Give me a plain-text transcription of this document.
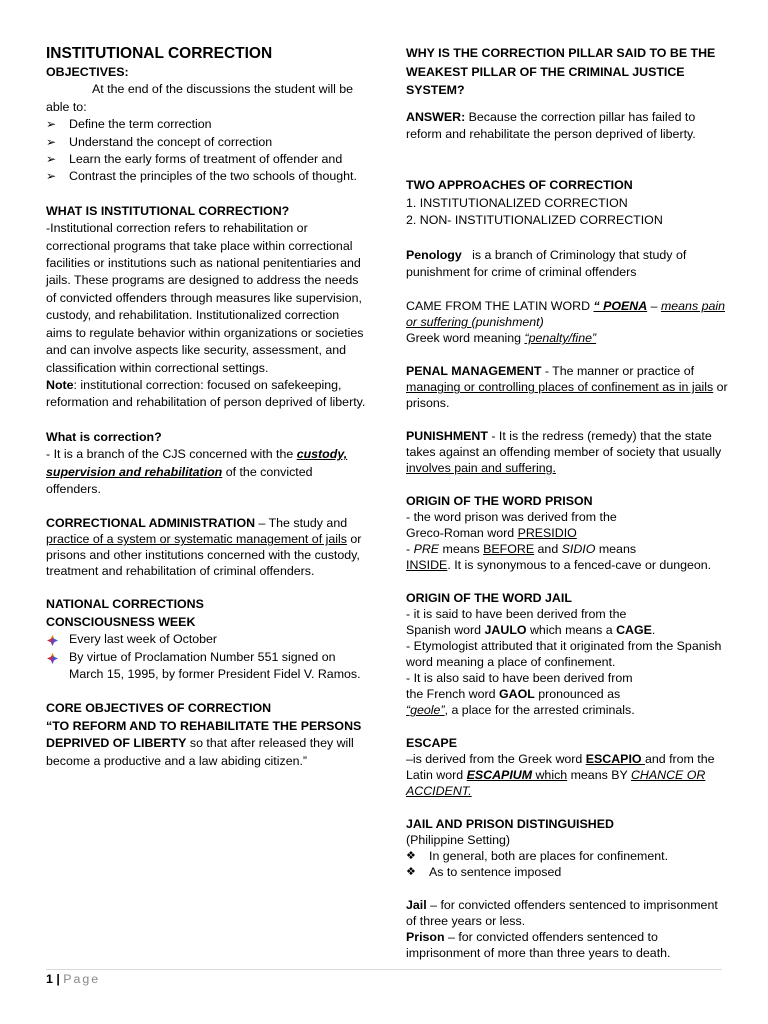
INSTITUTIONAL CORRECTION

OBJECTIVES:

At the end of the discussions the student will be able to:

➢ Define the term correction
➢ Understand the concept of correction
➢ Learn the early forms of treatment of offender and
➢ Contrast the principles of the two schools of thought.

WHAT IS INSTITUTIONAL CORRECTION?

-Institutional correction refers to rehabilitation or correctional programs that take place within correctional facilities or institutions such as national penitentiaries and jails. These programs are designed to address the needs of convicted offenders through measures like supervision, custody, and rehabilitation. Institutionalized correction aims to regulate behavior within organizations or societies and can involve aspects like security, assessment, and classification within correctional settings.

Note: institutional correction: focused on safekeeping, reformation and rehabilitation of person deprived of liberty.

What is correction?

- It is a branch of the CJS concerned with the custody, supervision and rehabilitation of the convicted offenders.

CORRECTIONAL ADMINISTRATION – The study and practice of a system or systematic management of jails or prisons and other institutions concerned with the custody, treatment and rehabilitation of criminal offenders.

NATIONAL CORRECTIONS

CONSCIOUSNESS WEEK

Every last week of October
By virtue of Proclamation Number 551 signed on March 15, 1995, by former President Fidel V. Ramos.

CORE OBJECTIVES OF CORRECTION

“TO REFORM AND TO REHABILITATE THE PERSONS DEPRIVED OF LIBERTY so that after released they will become a productive and a law abiding citizen.”

WHY IS THE CORRECTION PILLAR SAID TO BE THE WEAKEST PILLAR OF THE CRIMINAL JUSTICE SYSTEM?

ANSWER: Because the correction pillar has failed to reform and rehabilitate the person deprived of liberty.

TWO APPROACHES OF CORRECTION

1. INSTITUTIONALIZED CORRECTION

2. NON- INSTITUTIONALIZED CORRECTION

Penology   is a branch of Criminology that study of punishment for crime of criminal offenders

CAME FROM THE LATIN WORD “ POENA – means pain or suffering (punishment)

Greek word meaning “penalty/fine”

PENAL MANAGEMENT - The manner or practice of managing or controlling places of confinement as in jails or prisons.

PUNISHMENT - It is the redress (remedy) that the state takes against an offending member of society that usually involves pain and suffering.

ORIGIN OF THE WORD PRISON

- the word prison was derived from the

Greco-Roman word PRESIDIO

- PRE means BEFORE and SIDIO means

INSIDE. It is synonymous to a fenced-cave or dungeon.

ORIGIN OF THE WORD JAIL

- it is said to have been derived from the

Spanish word JAULO which means a CAGE.

- Etymologist attributed that it originated from the Spanish word meaning a place of confinement.

- It is also said to have been derived from

the French word GAOL pronounced as

“geole”, a place for the arrested criminals.

ESCAPE

–is derived from the Greek word ESCAPIO and from the Latin word ESCAPIUM which means BY CHANCE OR ACCIDENT.

JAIL AND PRISON DISTINGUISHED

(Philippine Setting)

❖ In general, both are places for confinement.
❖ As to sentence imposed

Jail – for convicted offenders sentenced to imprisonment of three years or less.

Prison – for convicted offenders sentenced to imprisonment of more than three years to death.

1 | Page
